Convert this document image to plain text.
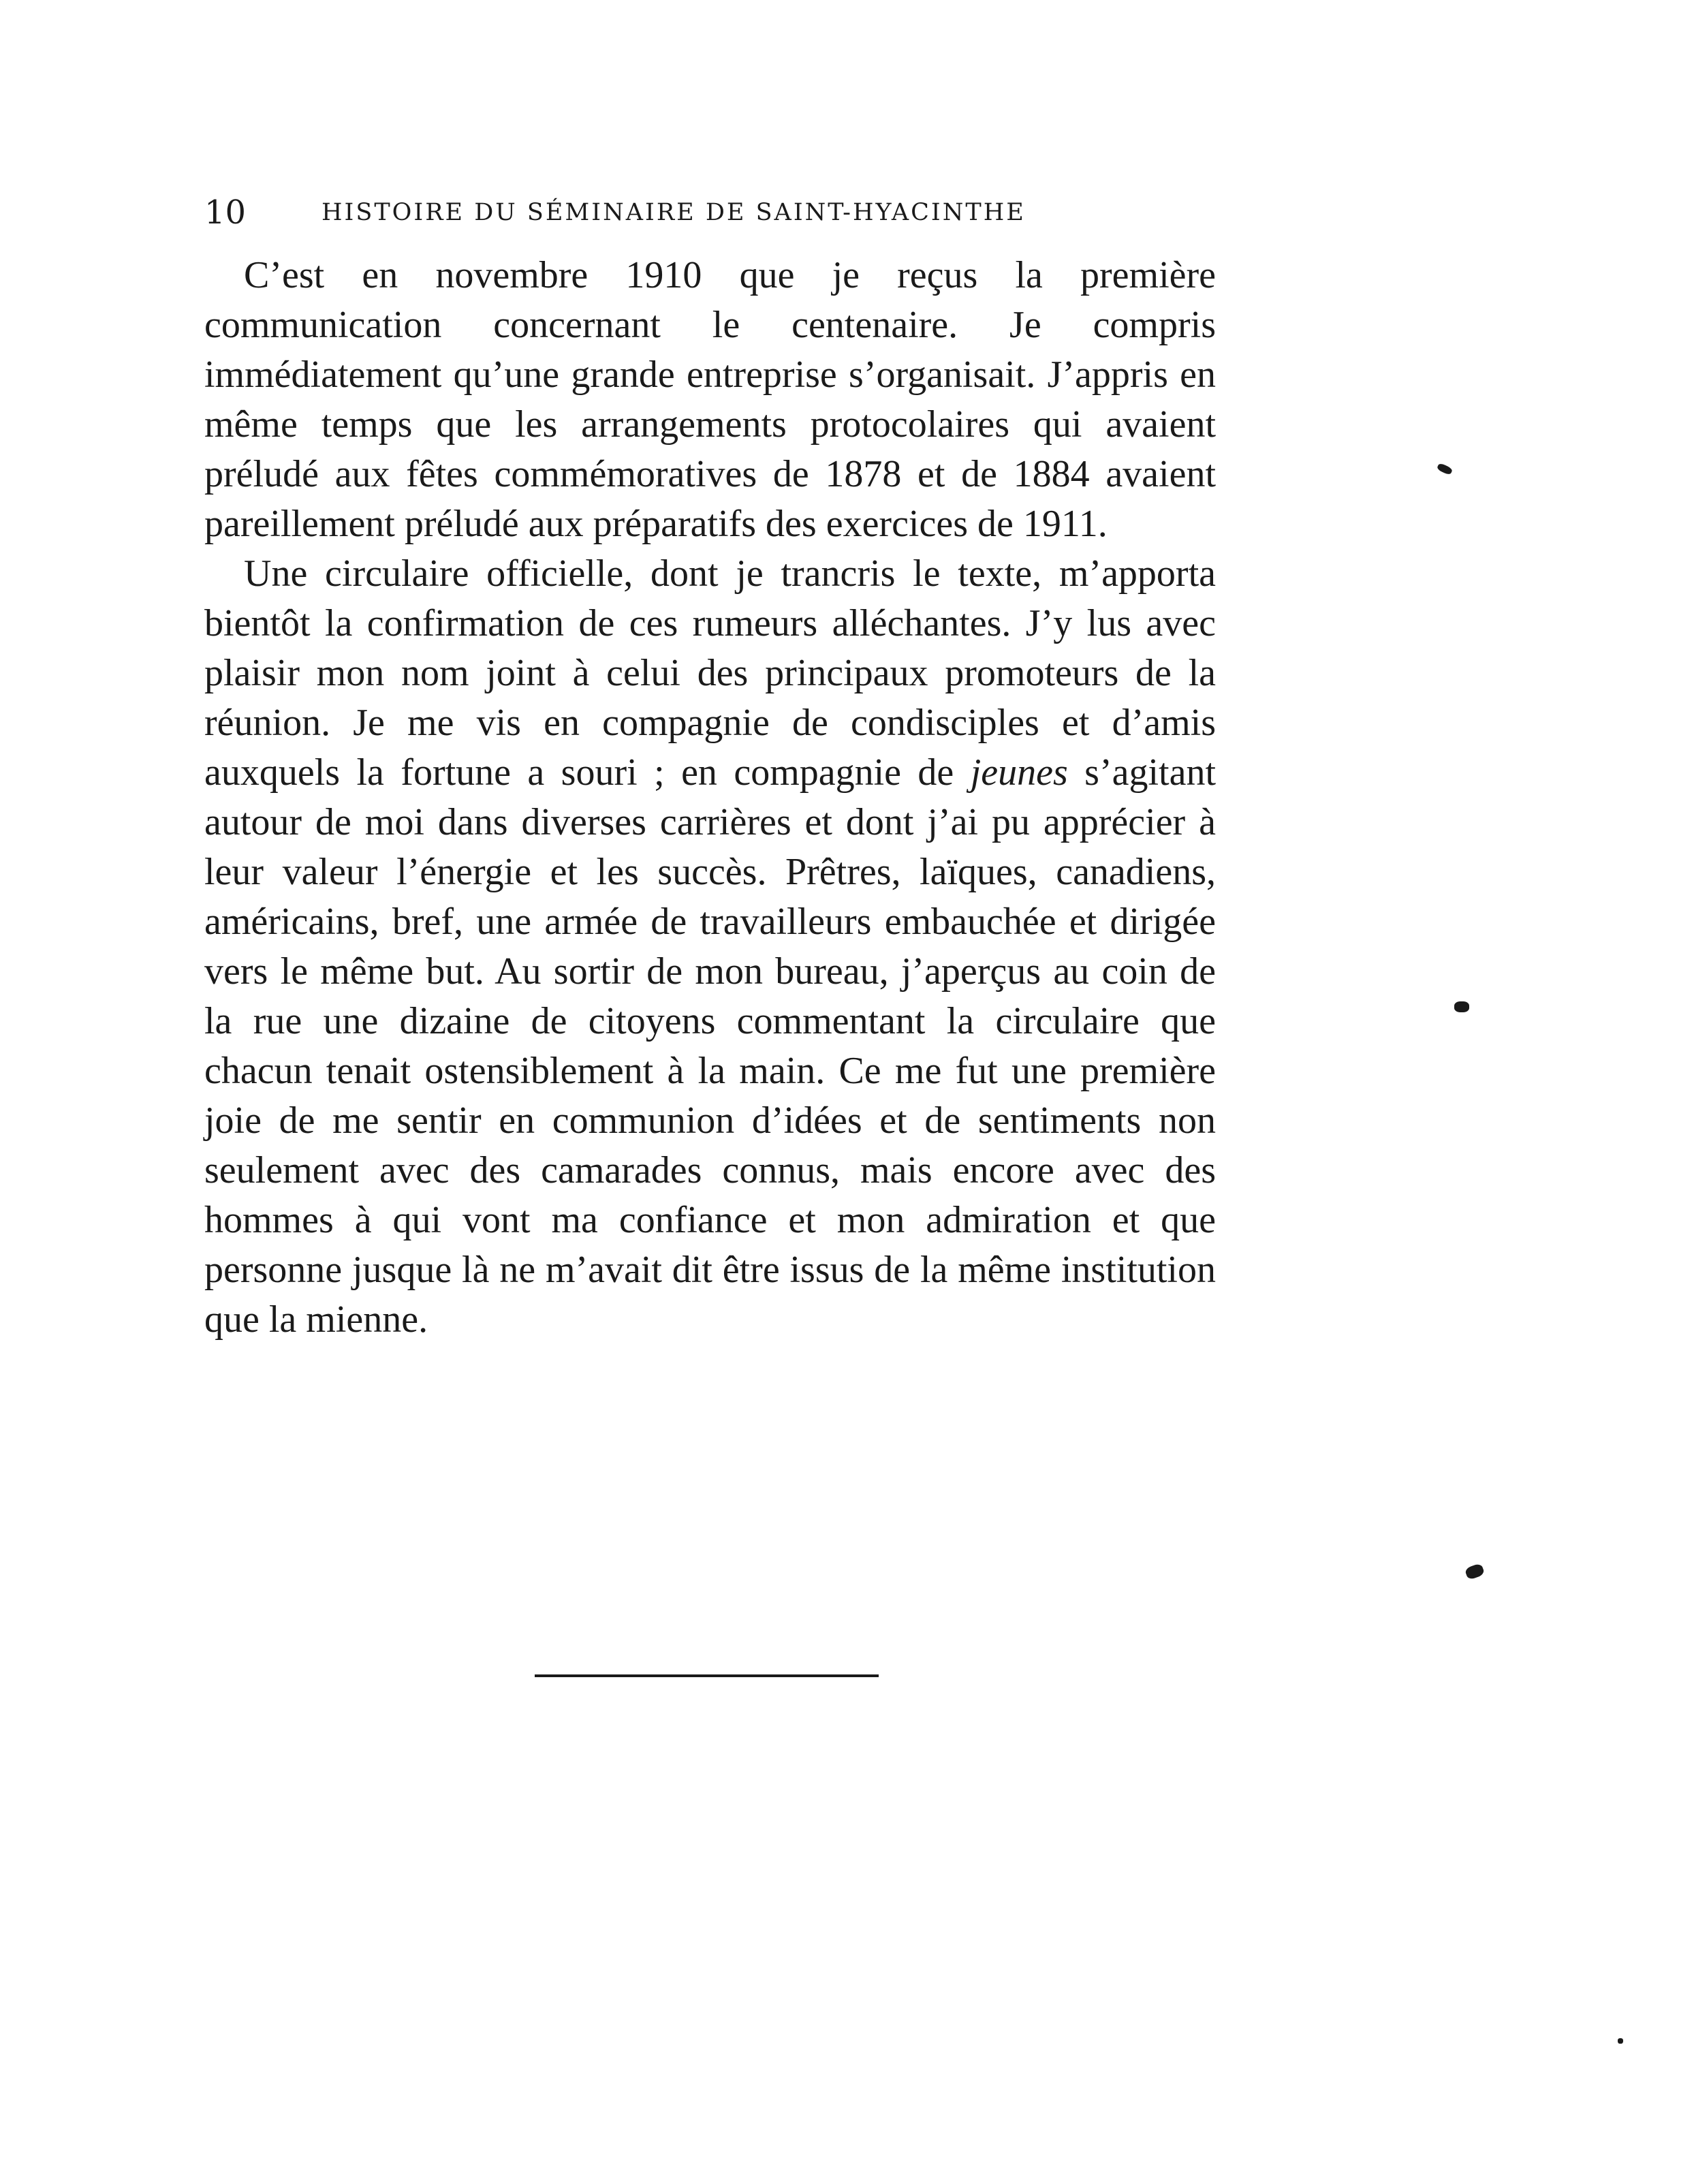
10	HISTOIRE DU SÉMINAIRE DE SAINT-HYACINTHE

C’est en novembre 1910 que je reçus la première communication concernant le centenaire. Je compris immédiatement qu’une grande entreprise s’organisait. J’appris en même temps que les arrangements protocolaires qui avaient préludé aux fêtes commémoratives de 1878 et de 1884 avaient pareillement préludé aux préparatifs des exercices de 1911.

Une circulaire officielle, dont je trancris le texte, m’apporta bientôt la confirmation de ces rumeurs alléchantes. J’y lus avec plaisir mon nom joint à celui des principaux promoteurs de la réunion. Je me vis en compagnie de condisciples et d’amis auxquels la fortune a souri ; en compagnie de jeunes s’agitant autour de moi dans diverses carrières et dont j’ai pu apprécier à leur valeur l’énergie et les succès. Prêtres, laïques, canadiens, américains, bref, une armée de travailleurs embauchée et dirigée vers le même but. Au sortir de mon bureau, j’aperçus au coin de la rue une dizaine de citoyens commentant la circulaire que chacun tenait ostensiblement à la main. Ce me fut une première joie de me sentir en communion d’idées et de sentiments non seulement avec des camarades connus, mais encore avec des hommes à qui vont ma confiance et mon admiration et que personne jusque là ne m’avait dit être issus de la même institution que la mienne.
